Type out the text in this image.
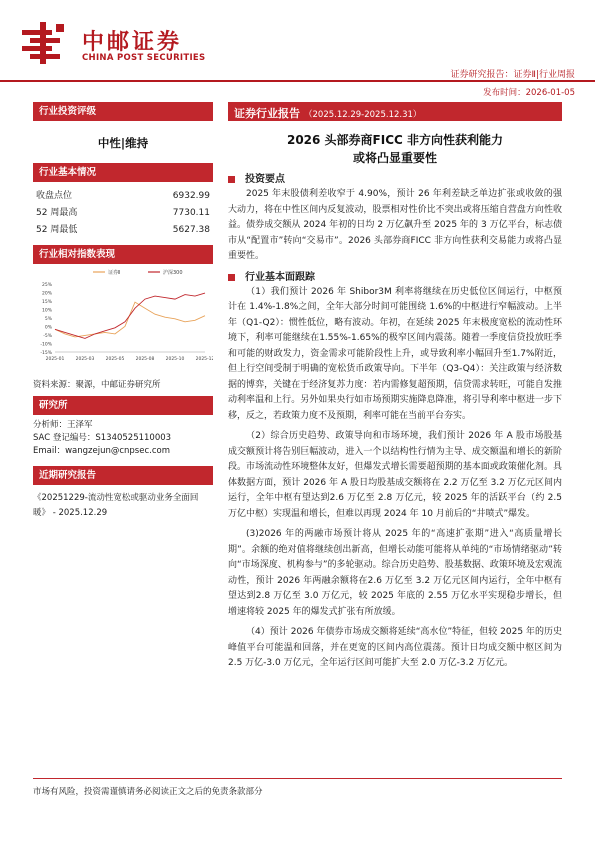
中邮证券
CHINA POST SECURITIES
证券研究报告：证券Ⅱ|行业周报
发布时间：2026-01-05
行业投资评级
中性|维持
行业基本情况
收盘点位	6932.99
52 周最高	7730.11
52 周最低	5627.38
行业相对指数表现
25%
20%
15%
10%
5%
0%
-5%
-10%
-15%
2025-01 2025-03 2025-05 2025-08 2025-10 2025-12
证券Ⅱ	沪深300
资料来源：聚源，中邮证券研究所
研究所

分析师：王泽军

SAC 登记编号：S1340525110003

Email：wangzejun@cnpsec.com

近期研究报告

《20251229-流动性宽松或驱动业务全面回暖》 - 2025.12.29

证券行业报告 （2025.12.29-2025.12.31）
2026 头部券商FICC 非方向性获利能力
或将凸显重要性
投资要点

2025 年末股债利差收窄于 4.90%，预计 26 年利差缺乏单边扩张或收敛的强大动力，将在中性区间内反复波动，股票相对性价比不突出或将压缩自营盘方向性收益。债券成交额从 2024 年初的日均 2 万亿飙升至 2025 年的 3 万亿平台，标志债市从“配置市”转向“交易市”。2026 头部券商FICC 非方向性获利交易能力或将凸显重要性。

行业基本面跟踪

（1）我们预计 2026 年 Shibor3M 利率将继续在历史低位区间运行，中枢预计在 1.4%-1.8%之间，全年大部分时间可能围绕 1.6%的中枢进行窄幅波动。上半年（Q1-Q2）：惯性低位，略有波动。年初，在延续 2025 年末极度宽松的流动性环境下，利率可能继续在1.55%-1.65%的极窄区间内震荡。随着一季度信贷投放旺季和可能的财政发力，资金需求可能阶段性上升，或导致利率小幅回升至1.7%附近，但上行空间受制于明确的宽松货币政策导向。下半年（Q3-Q4）：关注政策与经济数据的博弈，关键在于经济复苏力度：若内需修复超预期，信贷需求转旺，可能自发推动利率温和上行。另外如果央行如市场预期实施降息降准，将引导利率中枢进一步下移，反之，若政策力度不及预期，利率可能在当前平台夯实。

（2）综合历史趋势、政策导向和市场环境，我们预计 2026 年 A 股市场股基成交额预计将告别巨幅波动，进入一个以结构性行情为主导、成交额温和增长的新阶段。市场流动性环境整体友好，但爆发式增长需要超预期的基本面或政策催化剂。具体数据方面，预计 2026 年 A 股日均股基成交额将在 2.2 万亿至 3.2 万亿元区间内运行，全年中枢有望达到2.6 万亿至 2.8 万亿元，较 2025 年的活跃平台（约 2.5 万亿中枢）实现温和增长，但难以再现 2024 年 10 月前后的“井喷式”爆发。

(3)2026 年的两融市场预计将从 2025 年的“高速扩张期”进入“高质量增长期”。余额的绝对值将继续创出新高，但增长动能可能将从单纯的“市场情绪驱动”转向“市场深度、机构参与”的多轮驱动。综合历史趋势、股基数据、政策环境及宏观流动性，预计 2026 年两融余额将在2.6 万亿至 3.2 万亿元区间内运行，全年中枢有望达到2.8 万亿至 3.0 万亿元，较 2025 年底的 2.55 万亿水平实现稳步增长，但增速将较 2025 年的爆发式扩张有所放缓。

（4）预计 2026 年债券市场成交额将延续“高水位”特征，但较 2025 年的历史峰值平台可能温和回落，并在更宽的区间内高位震荡。预计日均成交额中枢区间为 2.5 万亿-3.0 万亿元，全年运行区间可能扩大至 2.0 万亿-3.2 万亿元。

市场有风险，投资需谨慎请务必阅读正文之后的免责条款部分
